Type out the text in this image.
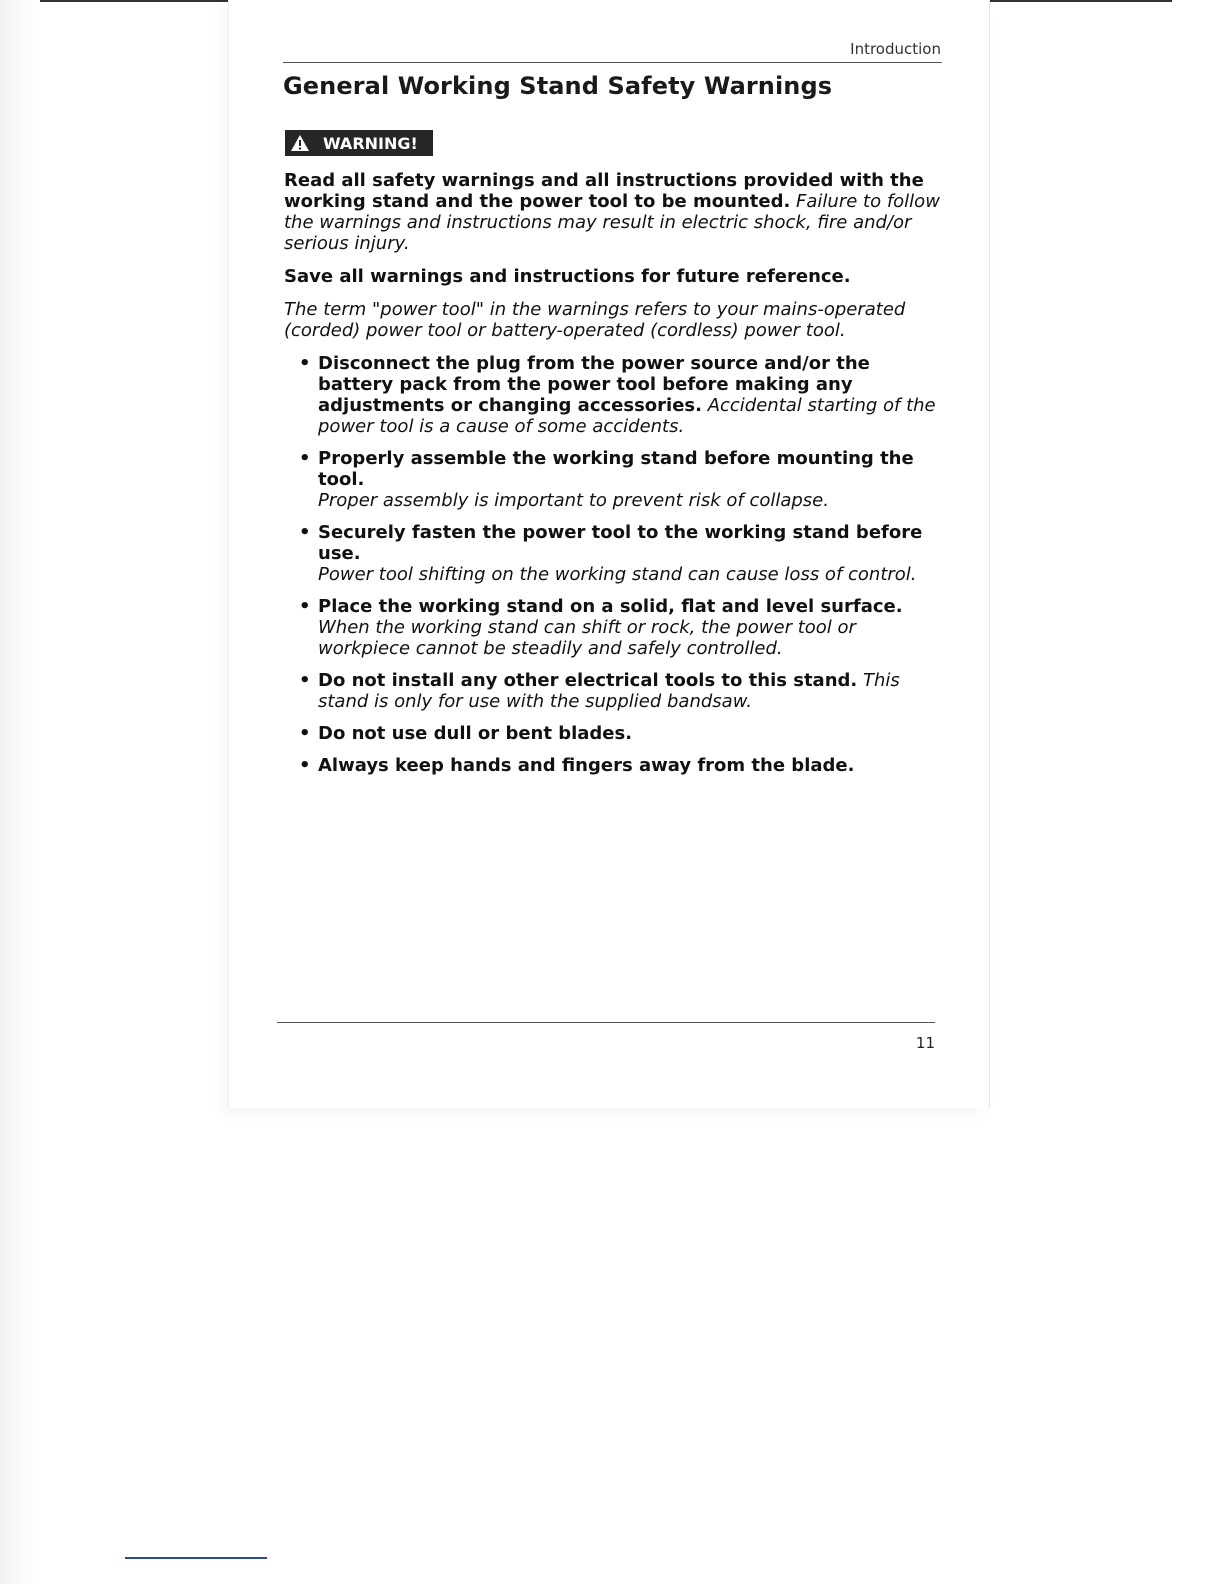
Introduction
General Working Stand Safety Warnings
WARNING!

Read all safety warnings and all instructions provided with the working stand and the power tool to be mounted. Failure to follow the warnings and instructions may result in electric shock, fire and/or serious injury.

Save all warnings and instructions for future reference.

The term "power tool" in the warnings refers to your mains-operated (corded) power tool or battery-operated (cordless) power tool.

• Disconnect the plug from the power source and/or the battery pack from the power tool before making any adjustments or changing accessories. Accidental starting of the power tool is a cause of some accidents.
• Properly assemble the working stand before mounting the tool.
Proper assembly is important to prevent risk of collapse.
• Securely fasten the power tool to the working stand before use.
Power tool shifting on the working stand can cause loss of control.
• Place the working stand on a solid, flat and level surface. When the working stand can shift or rock, the power tool or workpiece cannot be steadily and safely controlled.
• Do not install any other electrical tools to this stand. This stand is only for use with the supplied bandsaw.
• Do not use dull or bent blades.
• Always keep hands and fingers away from the blade.
11
